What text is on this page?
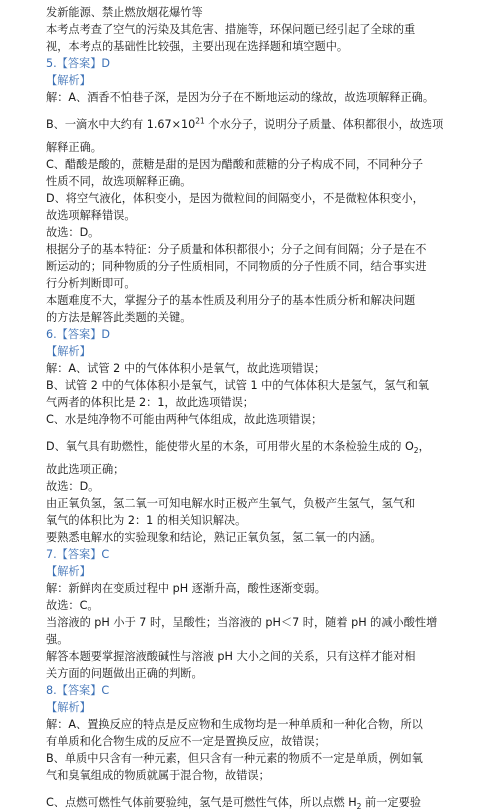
发新能源、禁止燃放烟花爆竹等
本考点考查了空气的污染及其危害、措施等，环保问题已经引起了全球的重
视，本考点的基础性比较强，主要出现在选择题和填空题中。
5.【答案】D
【解析】
解：A、酒香不怕巷子深，是因为分子在不断地运动的缘故，故选项解释正确。
B、一滴水中大约有 $1.67\times 10^{21}$ 个水分子，说明分子质量、体积都很小，故选项
解释正确。
C、醋酸是酸的，蔗糖是甜的是因为醋酸和蔗糖的分子构成不同，不同种分子
性质不同，故选项解释正确。
D、将空气液化，体积变小，是因为微粒间的间隔变小，不是微粒体积变小，
故选项解释错误。
故选：D。
根据分子的基本特征：分子质量和体积都很小；分子之间有间隔；分子是在不
断运动的；同种物质的分子性质相同，不同物质的分子性质不同，结合事实进
行分析判断即可。
本题难度不大，掌握分子的基本性质及利用分子的基本性质分析和解决问题
的方法是解答此类题的关键。
6.【答案】D
【解析】
解：A、试管 2 中的气体体积小是氧气，故此选项错误；
B、试管 2 中的气体体积小是氧气，试管 1 中的气体体积大是氢气，氢气和氧
气两者的体积比是 2：1，故此选项错误；
C、水是纯净物不可能由两种气体组成，故此选项错误；
D、氧气具有助燃性，能使带火星的木条，可用带火星的木条检验生成的 $O_2$，
故此选项正确；
故选：D。
由正氧负氢，氢二氧一可知电解水时正极产生氧气，负极产生氢气，氢气和
氧气的体积比为 2：1 的相关知识解决。
要熟悉电解水的实验现象和结论，熟记正氧负氢，氢二氧一的内涵。
7.【答案】C
【解析】
解：新鲜肉在变质过程中 pH 逐渐升高，酸性逐渐变弱。
故选：C。
当溶液的 pH 小于 7 时，呈酸性；当溶液的 pH＜7 时，随着 pH 的减小酸性增
强。
解答本题要掌握溶液酸碱性与溶液 pH 大小之间的关系，只有这样才能对相
关方面的问题做出正确的判断。
8.【答案】C
【解析】
解：A、置换反应的特点是反应物和生成物均是一种单质和一种化合物，所以
有单质和化合物生成的反应不一定是置换反应，故错误；
B、单质中只含有一种元素，但只含有一种元素的物质不一定是单质，例如氧
气和臭氧组成的物质就属于混合物，故错误；
C、点燃可燃性气体前要验纯，氢气是可燃性气体，所以点燃 $H_2$ 前一定要验
